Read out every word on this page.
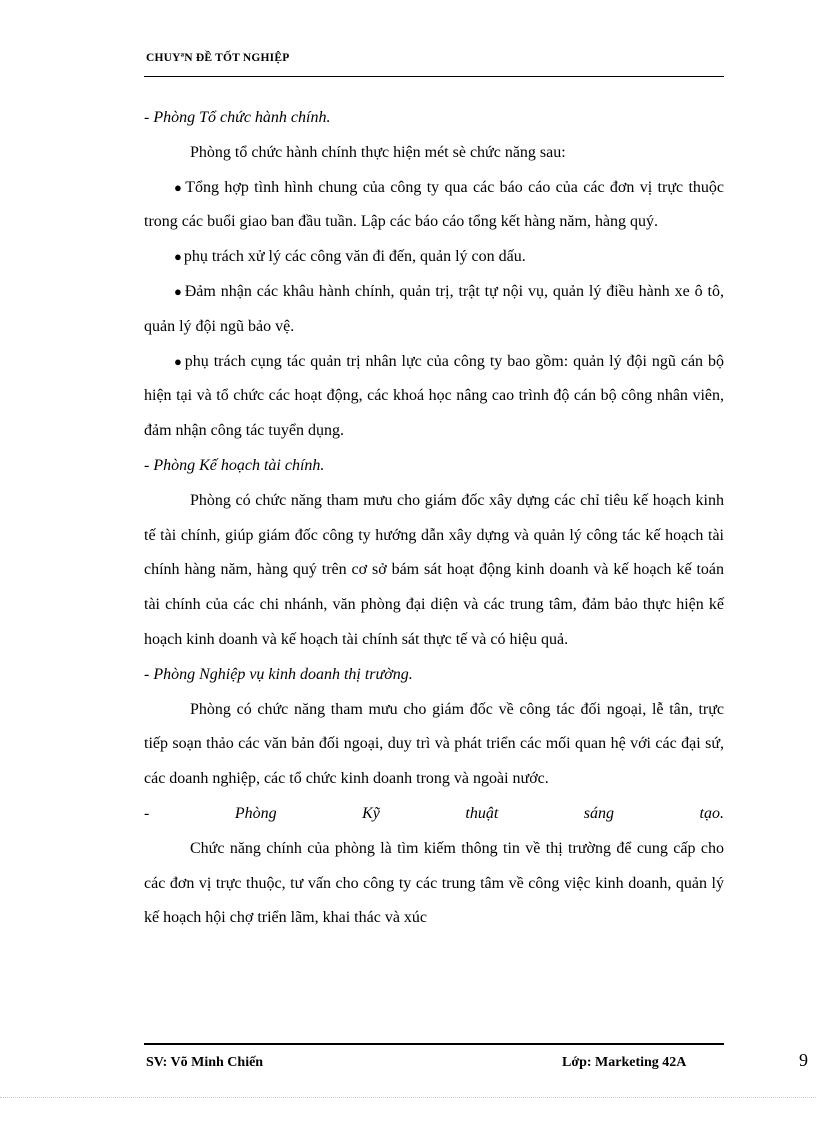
CHUYªN ĐỀ TỐT NGHIỆP

- Phòng Tổ chức hành chính.

Phòng tổ chức hành chính thực hiện mét sè chức năng sau:

● Tổng hợp tình hình chung của công ty qua các báo cáo của các đơn vị trực thuộc trong các buổi giao ban đầu tuần. Lập các báo cáo tổng kết hàng năm, hàng quý.

● phụ trách xử lý các công văn đi đến, quản lý con dấu.

● Đảm nhận các khâu hành chính, quản trị, trật tự nội vụ, quản lý điều hành xe ô tô, quản lý đội ngũ bảo vệ.

● phụ trách cụng tác quản trị nhân lực của công ty bao gồm: quản lý đội ngũ cán bộ hiện tại và tổ chức các hoạt động, các khoá học nâng cao trình độ cán bộ công nhân viên, đảm nhận công tác tuyển dụng.

- Phòng Kế hoạch tài chính.

Phòng có chức năng tham mưu cho giám đốc xây dựng các chỉ tiêu kế hoạch kinh tế tài chính, giúp giám đốc công ty hướng dẫn xây dựng và quản lý công tác kế hoạch tài chính hàng năm, hàng quý trên cơ sở bám sát hoạt động kinh doanh và kế hoạch kế toán tài chính của các chi nhánh, văn phòng đại diện và các trung tâm, đảm bảo thực hiện kế hoạch kinh doanh và kế hoạch tài chính sát thực tế và có hiệu quả.

- Phòng Nghiệp vụ kinh doanh thị trường.

Phòng có chức năng tham mưu cho giám đốc về công tác đối ngoại, lễ tân, trực tiếp soạn thảo các văn bản đối ngoại, duy trì và phát triển các mối quan hệ với các đại sứ, các doanh nghiệp, các tổ chức kinh doanh trong và ngoài nước.

-	Phòng	Kỹ	thuật	sáng	tạo.

Chức năng chính của phòng là tìm kiếm thông tin về thị trường để cung cấp cho các đơn vị trực thuộc, tư vấn cho công ty các trung tâm về công việc kinh doanh, quản lý kế hoạch hội chợ triển lãm, khai thác và xúc

SV: Võ Minh Chiến	Lớp: Marketing 42A	9
